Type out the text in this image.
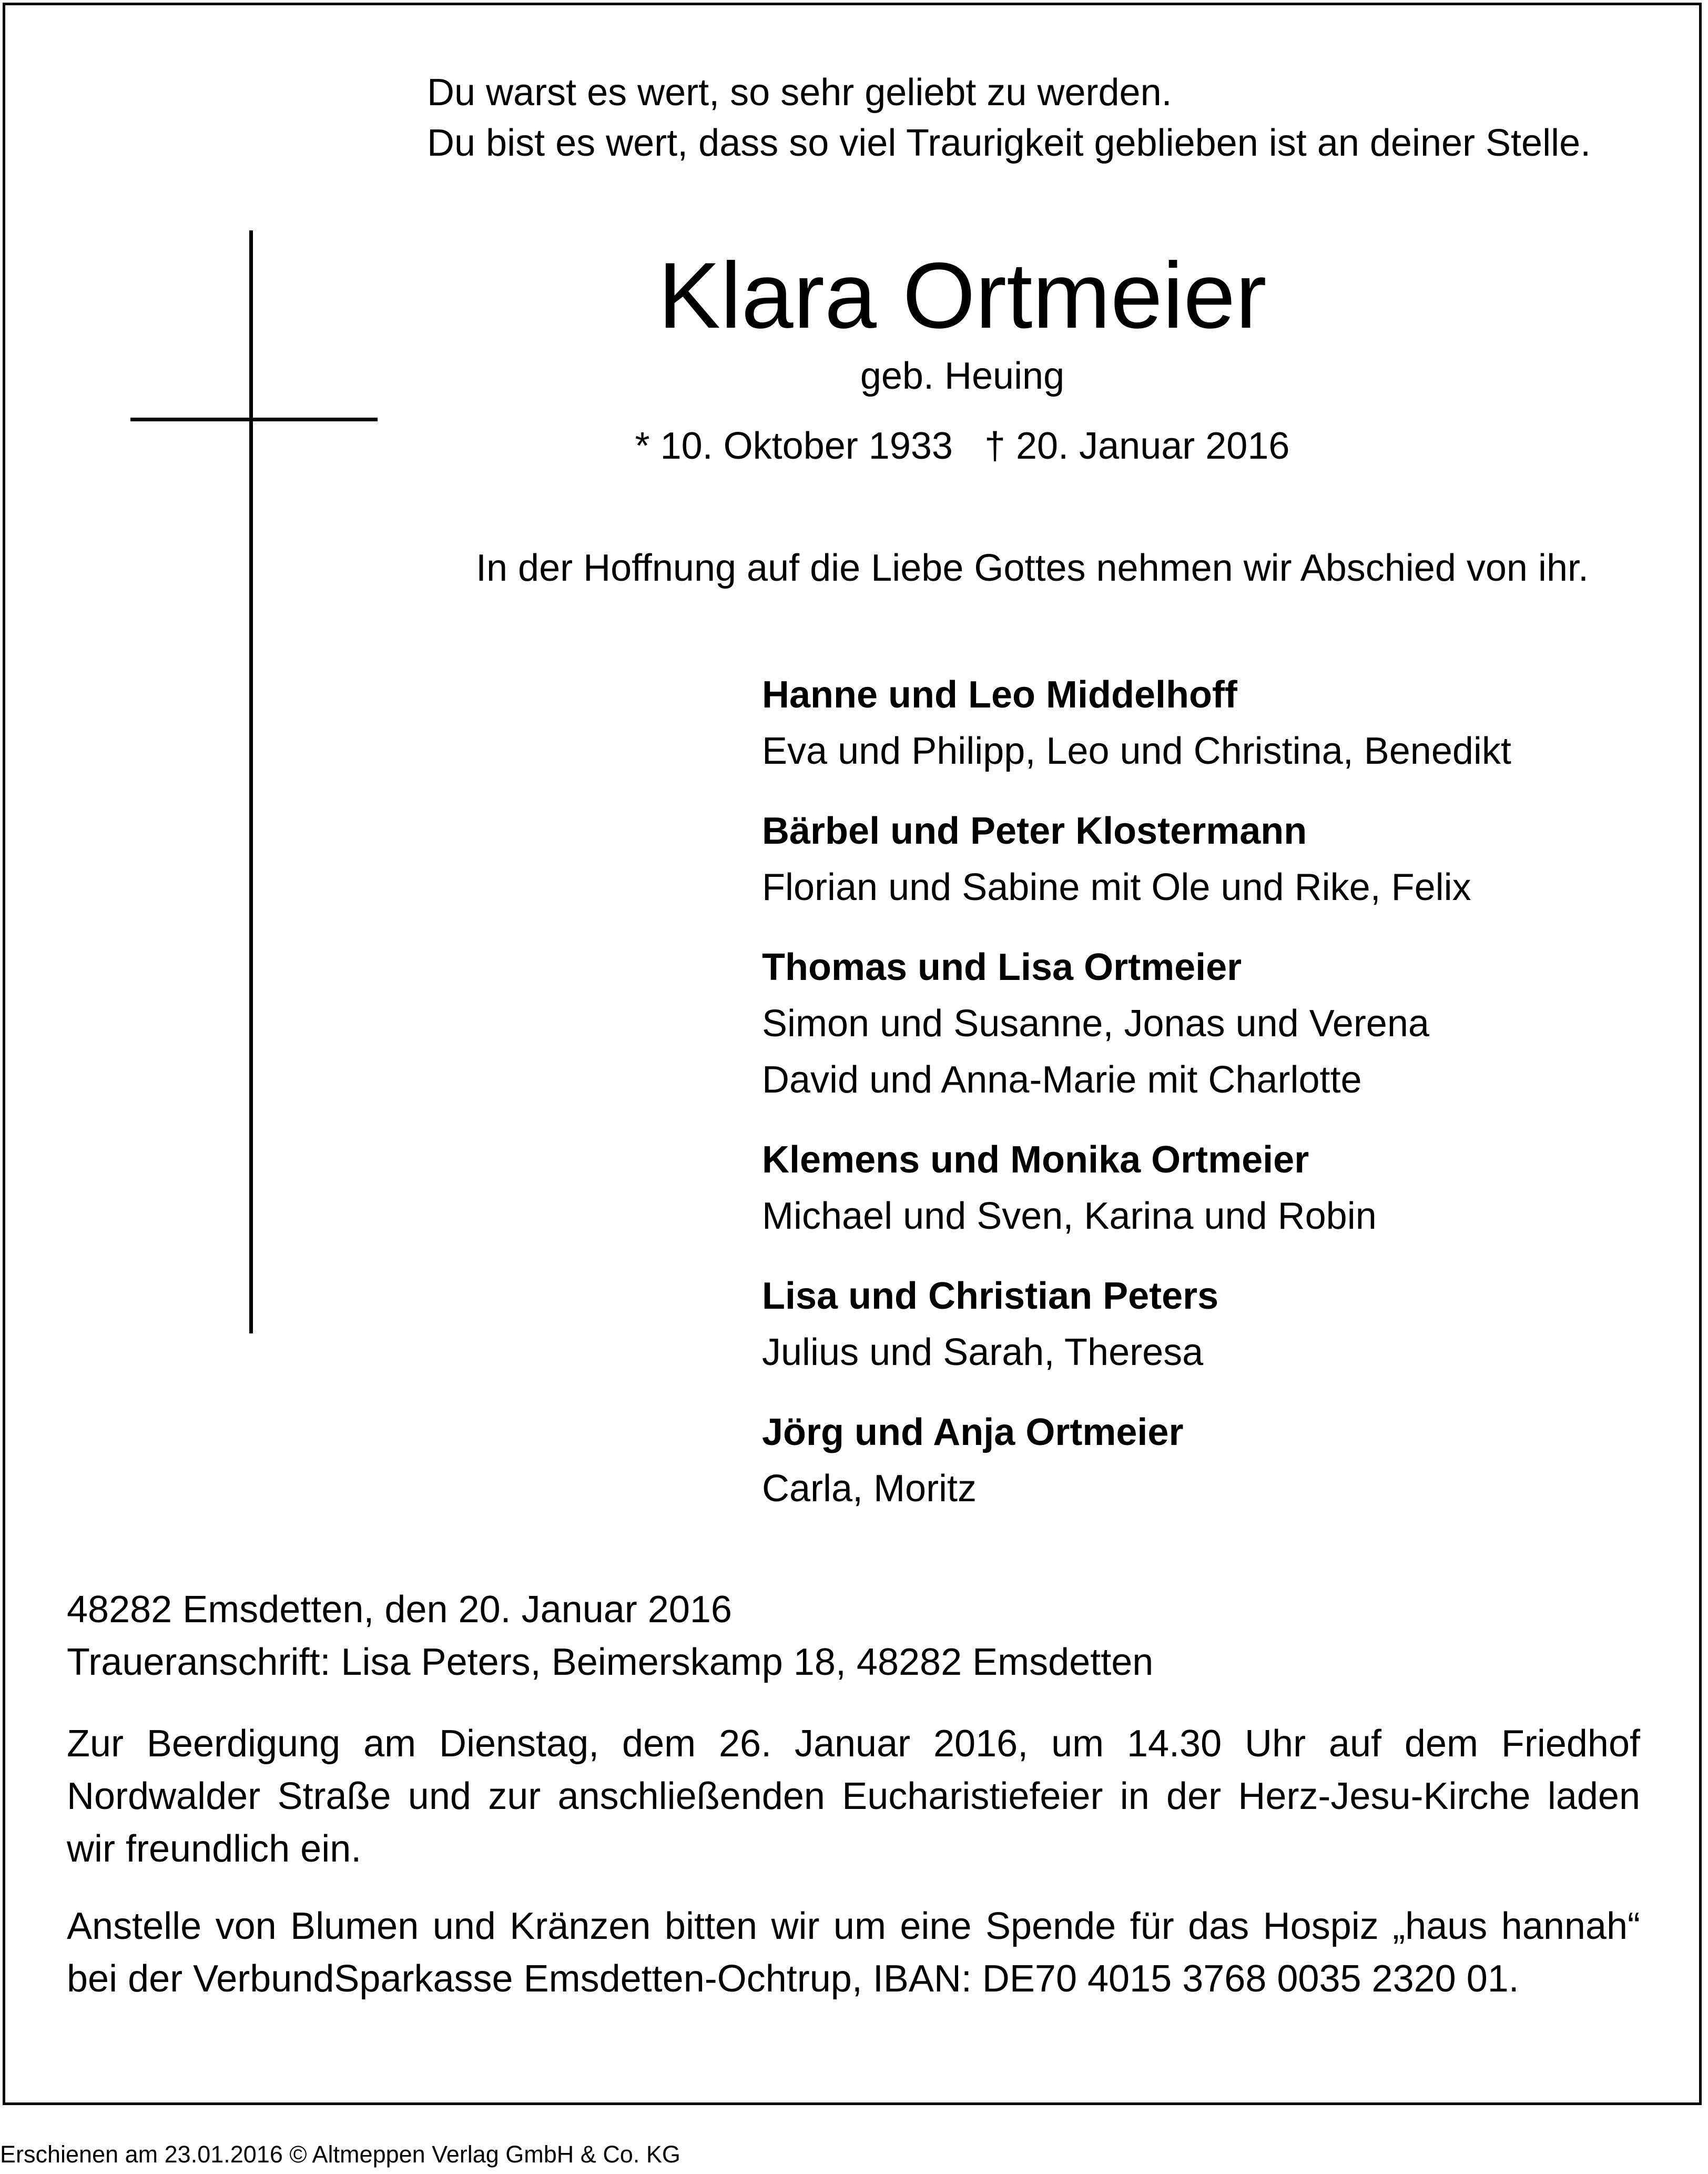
Du warst es wert, so sehr geliebt zu werden.
Du bist es wert, dass so viel Traurigkeit geblieben ist an deiner Stelle.
Klara Ortmeier
geb. Heuing
* 10. Oktober 1933   † 20. Januar 2016
In der Hoffnung auf die Liebe Gottes nehmen wir Abschied von ihr.
Hanne und Leo Middelhoff
Eva und Philipp, Leo und Christina, Benedikt
Bärbel und Peter Klostermann
Florian und Sabine mit Ole und Rike, Felix
Thomas und Lisa Ortmeier
Simon und Susanne, Jonas und Verena
David und Anna-Marie mit Charlotte
Klemens und Monika Ortmeier
Michael und Sven, Karina und Robin
Lisa und Christian Peters
Julius und Sarah, Theresa
Jörg und Anja Ortmeier
Carla, Moritz
48282 Emsdetten, den 20. Januar 2016
Traueranschrift: Lisa Peters, Beimerskamp 18, 48282 Emsdetten
Zur Beerdigung am Dienstag, dem 26. Januar 2016, um 14.30 Uhr auf dem Friedhof Nordwalder Straße und zur anschließenden Eucharistiefeier in der Herz-Jesu-Kirche laden wir freundlich ein.
Anstelle von Blumen und Kränzen bitten wir um eine Spende für das Hospiz „haus hannah“ bei der VerbundSparkasse Emsdetten-Ochtrup, IBAN: DE70 4015 3768 0035 2320 01.
Erschienen am 23.01.2016 © Altmeppen Verlag GmbH & Co. KG
